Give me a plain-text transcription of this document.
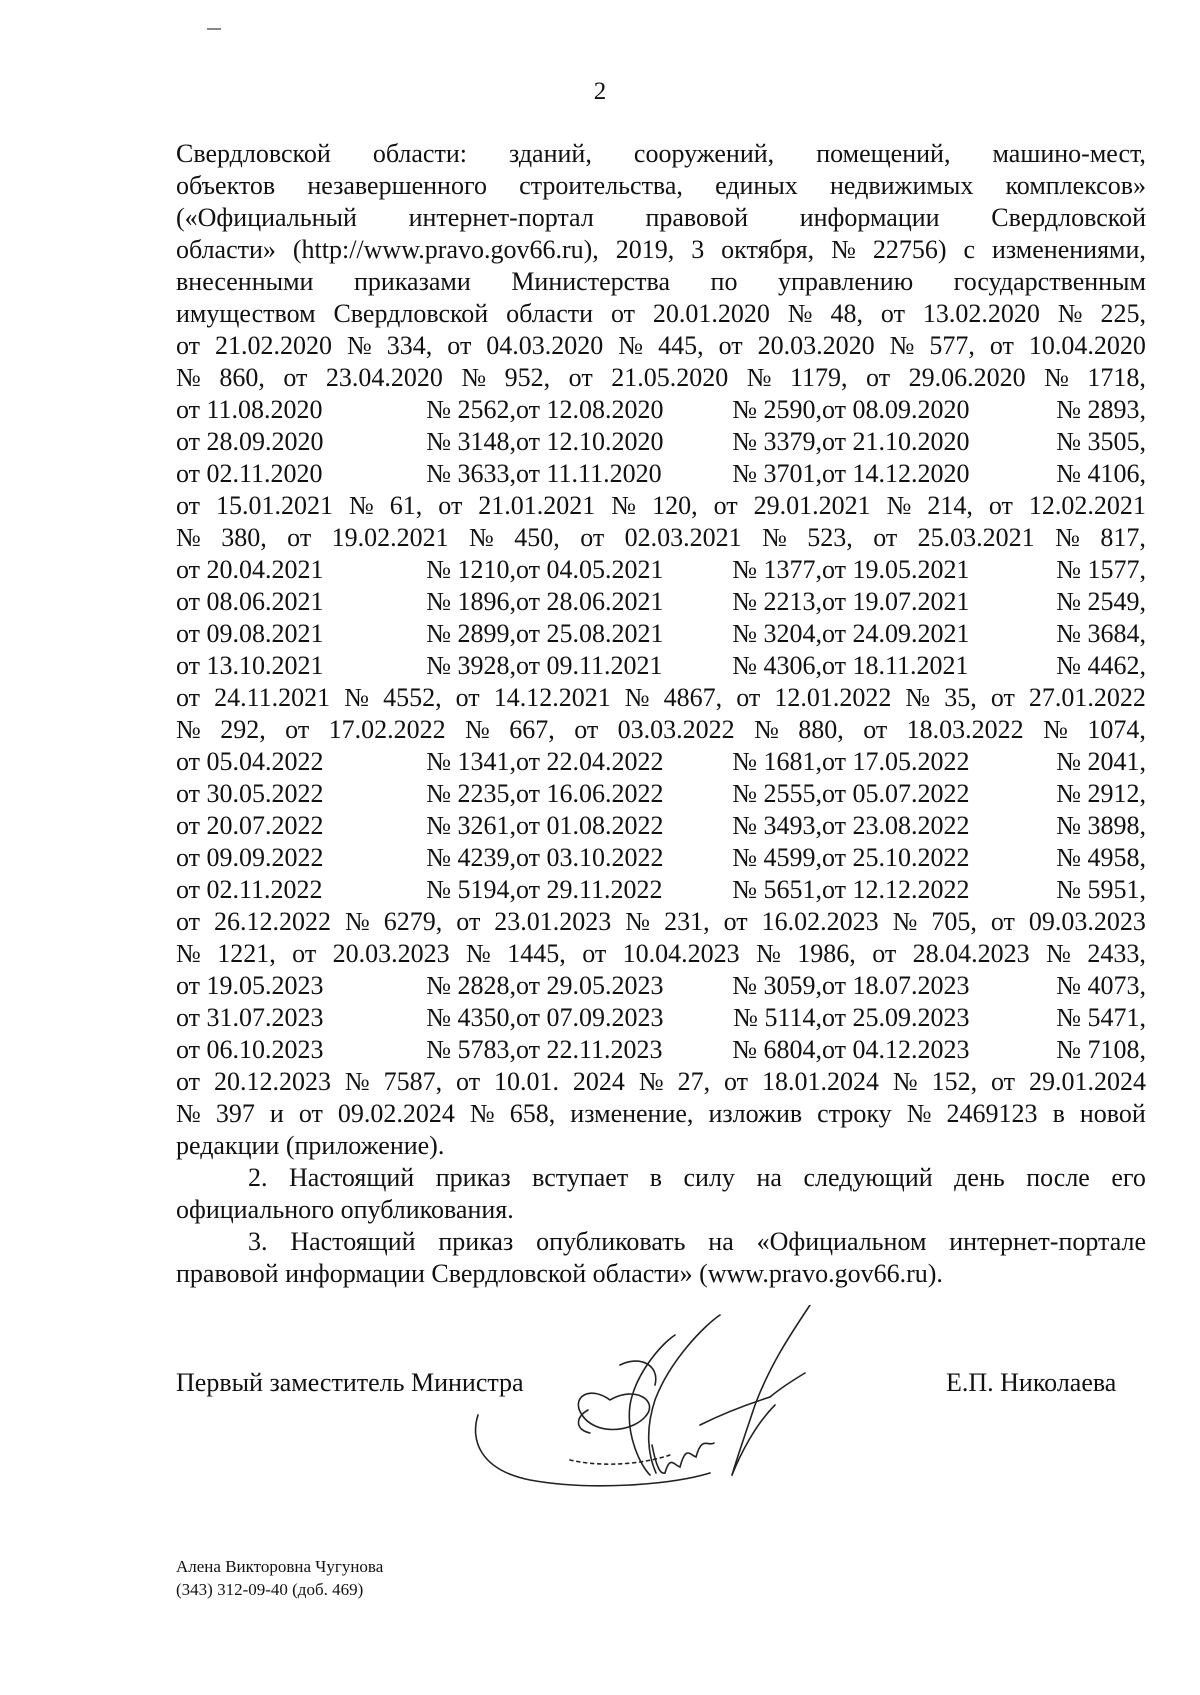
2
Свердловской области: зданий, сооружений, помещений, машино-мест,
объектов незавершенного строительства, единых недвижимых комплексов»
(«Официальный интернет-портал правовой информации Свердловской
области» (http://www.pravo.gov66.ru), 2019, 3 октября, № 22756) с изменениями,
внесенными приказами Министерства по управлению государственным
имуществом Свердловской области от 20.01.2020 № 48, от 13.02.2020 № 225,
от 21.02.2020 № 334, от 04.03.2020 № 445, от 20.03.2020 № 577, от 10.04.2020
№ 860, от 23.04.2020 № 952, от 21.05.2020 № 1179, от 29.06.2020 № 1718,
от 11.08.2020	№ 2562, от 12.08.2020	№ 2590, от 08.09.2020	№ 2893,
от 28.09.2020	№ 3148, от 12.10.2020	№ 3379, от 21.10.2020	№ 3505,
от 02.11.2020	№ 3633, от 11.11.2020	№ 3701, от 14.12.2020	№ 4106,
от 15.01.2021 № 61, от 21.01.2021 № 120, от 29.01.2021 № 214, от 12.02.2021
№ 380, от 19.02.2021 № 450, от 02.03.2021 № 523, от 25.03.2021 № 817,
от 20.04.2021	№ 1210, от 04.05.2021	№ 1377, от 19.05.2021	№ 1577,
от 08.06.2021	№ 1896, от 28.06.2021	№ 2213, от 19.07.2021	№ 2549,
от 09.08.2021	№ 2899, от 25.08.2021	№ 3204, от 24.09.2021	№ 3684,
от 13.10.2021	№ 3928, от 09.11.2021	№ 4306, от 18.11.2021	№ 4462,
от 24.11.2021 № 4552, от 14.12.2021 № 4867, от 12.01.2022 № 35, от 27.01.2022
№ 292, от 17.02.2022 № 667, от 03.03.2022 № 880, от 18.03.2022 № 1074,
от 05.04.2022	№ 1341, от 22.04.2022	№ 1681, от 17.05.2022	№ 2041,
от 30.05.2022	№ 2235, от 16.06.2022	№ 2555, от 05.07.2022	№ 2912,
от 20.07.2022	№ 3261, от 01.08.2022	№ 3493, от 23.08.2022	№ 3898,
от 09.09.2022	№ 4239, от 03.10.2022	№ 4599, от 25.10.2022	№ 4958,
от 02.11.2022	№ 5194, от 29.11.2022	№ 5651, от 12.12.2022	№ 5951,
от 26.12.2022 № 6279, от 23.01.2023 № 231, от 16.02.2023 № 705, от 09.03.2023
№ 1221, от 20.03.2023 № 1445, от 10.04.2023 № 1986, от 28.04.2023 № 2433,
от 19.05.2023	№ 2828, от 29.05.2023	№ 3059, от 18.07.2023	№ 4073,
от 31.07.2023	№ 4350, от 07.09.2023	№ 5114, от 25.09.2023	№ 5471,
от 06.10.2023	№ 5783, от 22.11.2023	№ 6804, от 04.12.2023	№ 7108,
от 20.12.2023 № 7587, от 10.01. 2024 № 27, от 18.01.2024 № 152, от 29.01.2024
№ 397 и от 09.02.2024 № 658, изменение, изложив строку № 2469123 в новой
редакции (приложение).
2. Настоящий приказ вступает в силу на следующий день после его
официального опубликования.
3. Настоящий приказ опубликовать на «Официальном интернет-портале
правовой информации Свердловской области» (www.pravo.gov66.ru).
Первый заместитель Министра	Е.П. Николаева
Алена Викторовна Чугунова
(343) 312-09-40 (доб. 469)
